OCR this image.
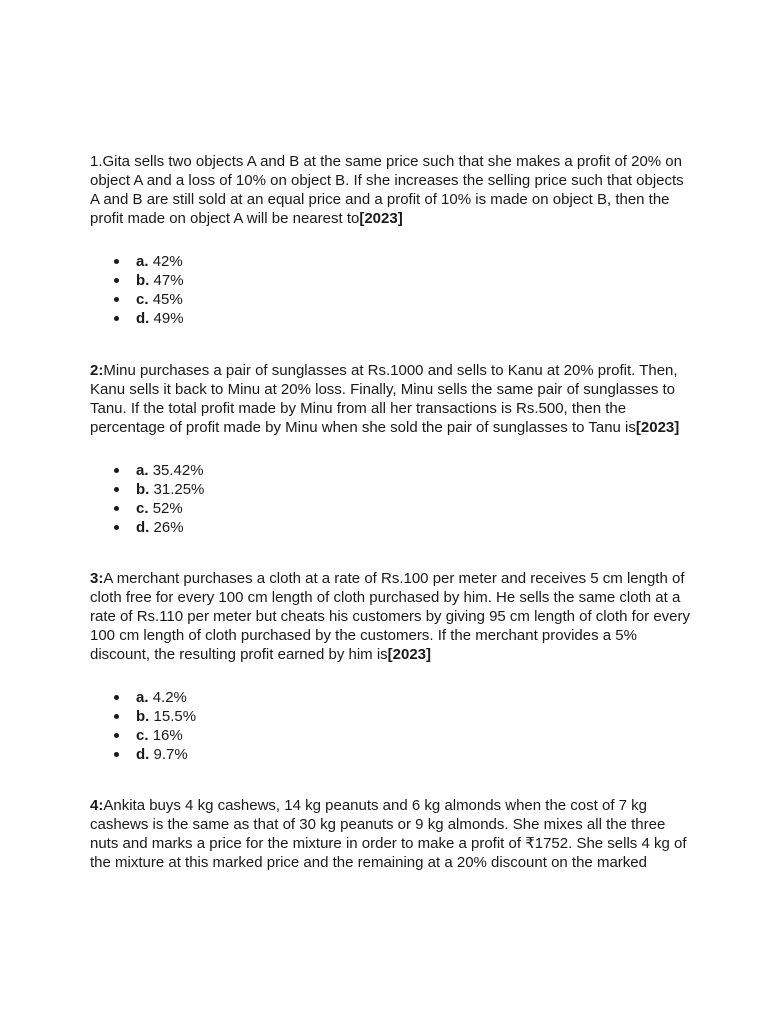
1.Gita sells two objects A and B at the same price such that she makes a profit of 20% on object A and a loss of 10% on object B. If she increases the selling price such that objects A and B are still sold at an equal price and a profit of 10% is made on object B, then the profit made on object A will be nearest to[2023]

a. 42%
b. 47%
c. 45%
d. 49%

2:Minu purchases a pair of sunglasses at Rs.1000 and sells to Kanu at 20% profit. Then, Kanu sells it back to Minu at 20% loss. Finally, Minu sells the same pair of sunglasses to Tanu. If the total profit made by Minu from all her transactions is Rs.500, then the percentage of profit made by Minu when she sold the pair of sunglasses to Tanu is[2023]

a. 35.42%
b. 31.25%
c. 52%
d. 26%

3:A merchant purchases a cloth at a rate of Rs.100 per meter and receives 5 cm length of cloth free for every 100 cm length of cloth purchased by him. He sells the same cloth at a rate of Rs.110 per meter but cheats his customers by giving 95 cm length of cloth for every 100 cm length of cloth purchased by the customers. If the merchant provides a 5% discount, the resulting profit earned by him is[2023]

a. 4.2%
b. 15.5%
c. 16%
d. 9.7%

4:Ankita buys 4 kg cashews, 14 kg peanuts and 6 kg almonds when the cost of 7 kg cashews is the same as that of 30 kg peanuts or 9 kg almonds. She mixes all the three nuts and marks a price for the mixture in order to make a profit of ₹1752. She sells 4 kg of the mixture at this marked price and the remaining at a 20% discount on the marked
